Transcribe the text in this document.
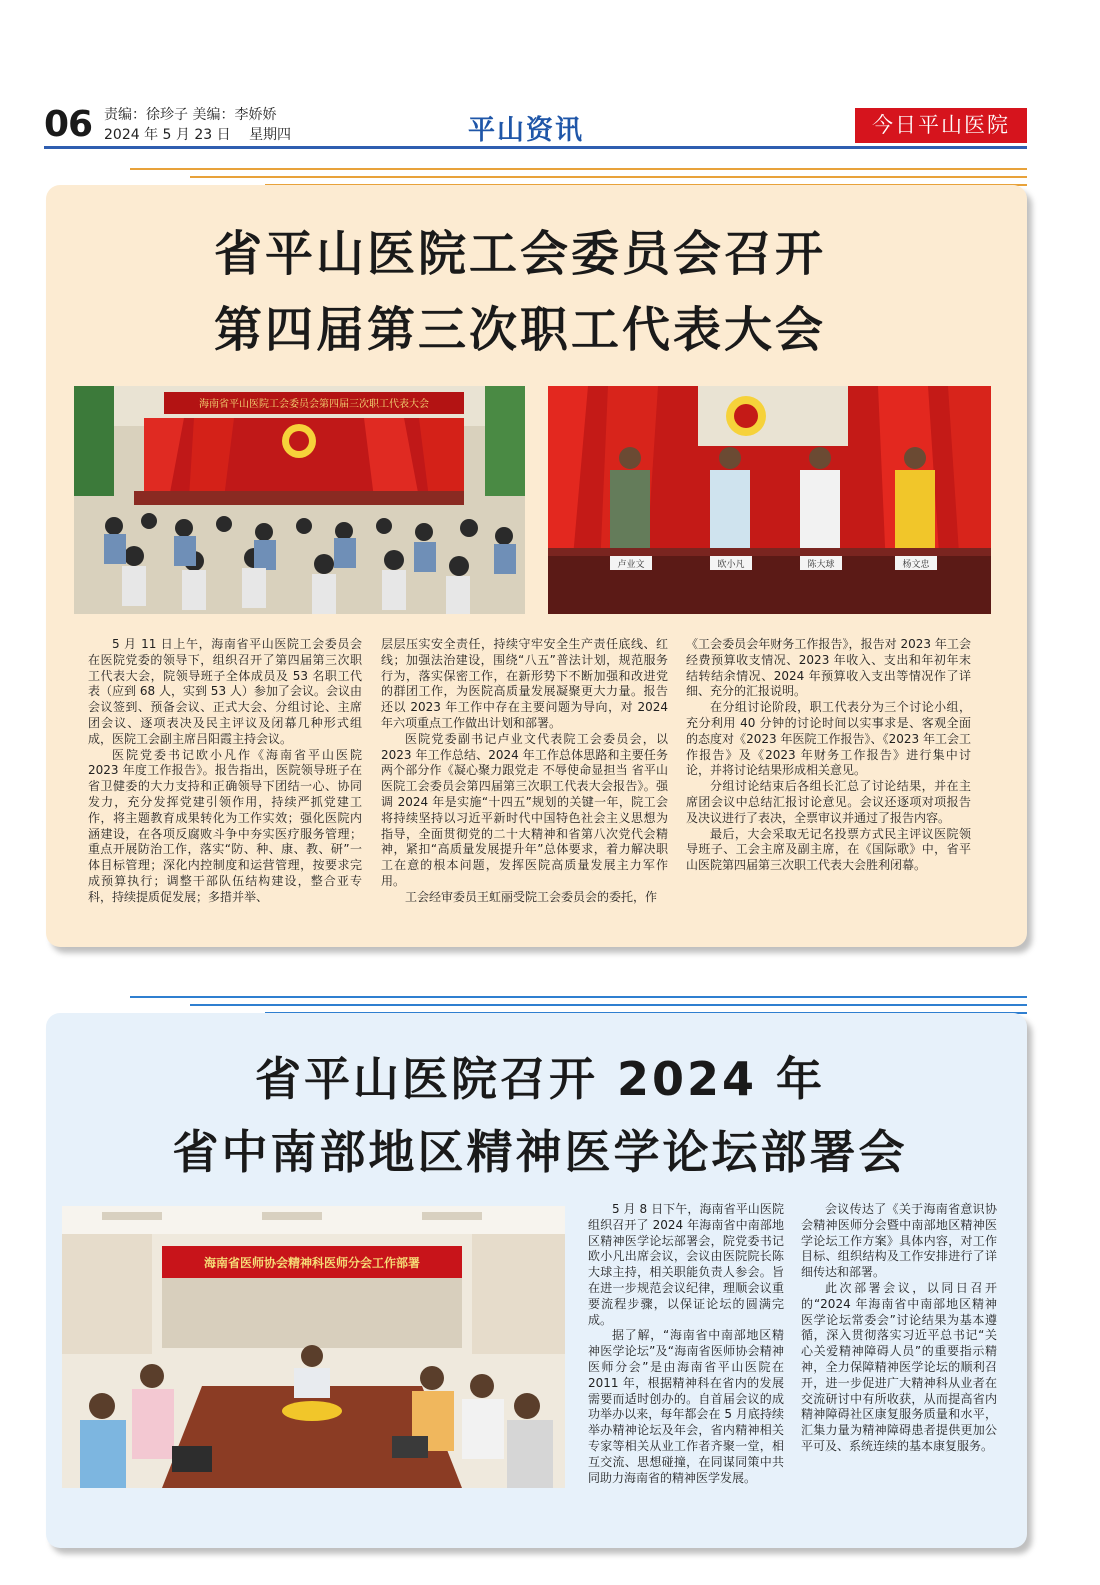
06 责编：徐珍子 美编：李娇娇
2024 年 5 月 23 日 星期四	平山资讯	今日平山医院
省平山医院工会委员会召开
第四届第三次职工代表大会
海南省平山医院工会委员会第四届三次职工代表大会
卢业文	欧小凡	陈大球	杨文忠

5 月 11 日上午，海南省平山医院工会委员会在医院党委的领导下，组织召开了第四届第三次职工代表大会，院领导班子全体成员及 53 名职工代表（应到 68 人，实到 53 人）参加了会议。会议由会议签到、预备会议、正式大会、分组讨论、主席团会议、逐项表决及民主评议及闭幕几种形式组成，医院工会副主席吕阳霞主持会议。

医院党委书记欧小凡作《海南省平山医院 2023 年度工作报告》。报告指出，医院领导班子在省卫健委的大力支持和正确领导下团结一心、协同发力，充分发挥党建引领作用，持续严抓党建工作，将主题教育成果转化为工作实效；强化医院内涵建设，在各项反腐败斗争中夯实医疗服务管理；重点开展防治工作，落实“防、种、康、教、研”一体目标管理；深化内控制度和运营管理，按要求完成预算执行；调整干部队伍结构建设，整合亚专科，持续提质促发展；多措并举、

层层压实安全责任，持续守牢安全生产责任底线、红线；加强法治建设，围绕“八五”普法计划，规范服务行为，落实保密工作，在新形势下不断加强和改进党的群团工作，为医院高质量发展凝聚更大力量。报告还以 2023 年工作中存在主要问题为导向，对 2024 年六项重点工作做出计划和部署。

医院党委副书记卢业文代表院工会委员会，以 2023 年工作总结、2024 年工作总体思路和主要任务两个部分作《凝心聚力跟党走 不辱使命显担当 省平山医院工会委员会第四届第三次职工代表大会报告》。强调 2024 年是实施“十四五”规划的关键一年，院工会将持续坚持以习近平新时代中国特色社会主义思想为指导，全面贯彻党的二十大精神和省第八次党代会精神，紧扣“高质量发展提升年”总体要求，着力解决职工在意的根本问题，发挥医院高质量发展主力军作用。

工会经审委员王虹丽受院工会委员会的委托，作

《工会委员会年财务工作报告》，报告对 2023 年工会经费预算收支情况、2023 年收入、支出和年初年末结转结余情况、2024 年预算收入支出等情况作了详细、充分的汇报说明。

在分组讨论阶段，职工代表分为三个讨论小组，充分利用 40 分钟的讨论时间以实事求是、客观全面的态度对《2023 年医院工作报告》、《2023 年工会工作报告》及《2023 年财务工作报告》进行集中讨论，并将讨论结果形成相关意见。

分组讨论结束后各组长汇总了讨论结果，并在主席团会议中总结汇报讨论意见。会议还逐项对项报告及决议进行了表决，全票审议并通过了报告内容。

最后，大会采取无记名投票方式民主评议医院领导班子、工会主席及副主席，在《国际歌》中，省平山医院第四届第三次职工代表大会胜利闭幕。

省平山医院召开 2024 年
省中南部地区精神医学论坛部署会
海南省医师协会精神科医师分会工作部署

5 月 8 日下午，海南省平山医院组织召开了 2024 年海南省中南部地区精神医学论坛部署会，院党委书记欧小凡出席会议，会议由医院院长陈大球主持，相关职能负责人参会。旨在进一步规范会议纪律，理顺会议重要流程步骤，以保证论坛的圆满完成。

据了解，“海南省中南部地区精神医学论坛”及“海南省医师协会精神医师分会”是由海南省平山医院在 2011 年，根据精神科在省内的发展需要而适时创办的。自首届会议的成功举办以来，每年都会在 5 月底持续举办精神论坛及年会，省内精神相关专家等相关从业工作者齐聚一堂，相互交流、思想碰撞，在同谋同策中共同助力海南省的精神医学发展。

会议传达了《关于海南省意识协会精神医师分会暨中南部地区精神医学论坛工作方案》具体内容，对工作目标、组织结构及工作安排进行了详细传达和部署。

此次部署会议，以同日召开的“2024 年海南省中南部地区精神医学论坛常委会”讨论结果为基本遵循，深入贯彻落实习近平总书记“关心关爱精神障碍人员”的重要指示精神，全力保障精神医学论坛的顺利召开，进一步促进广大精神科从业者在交流研讨中有所收获，从而提高省内精神障碍社区康复服务质量和水平，汇集力量为精神障碍患者提供更加公平可及、系统连续的基本康复服务。
